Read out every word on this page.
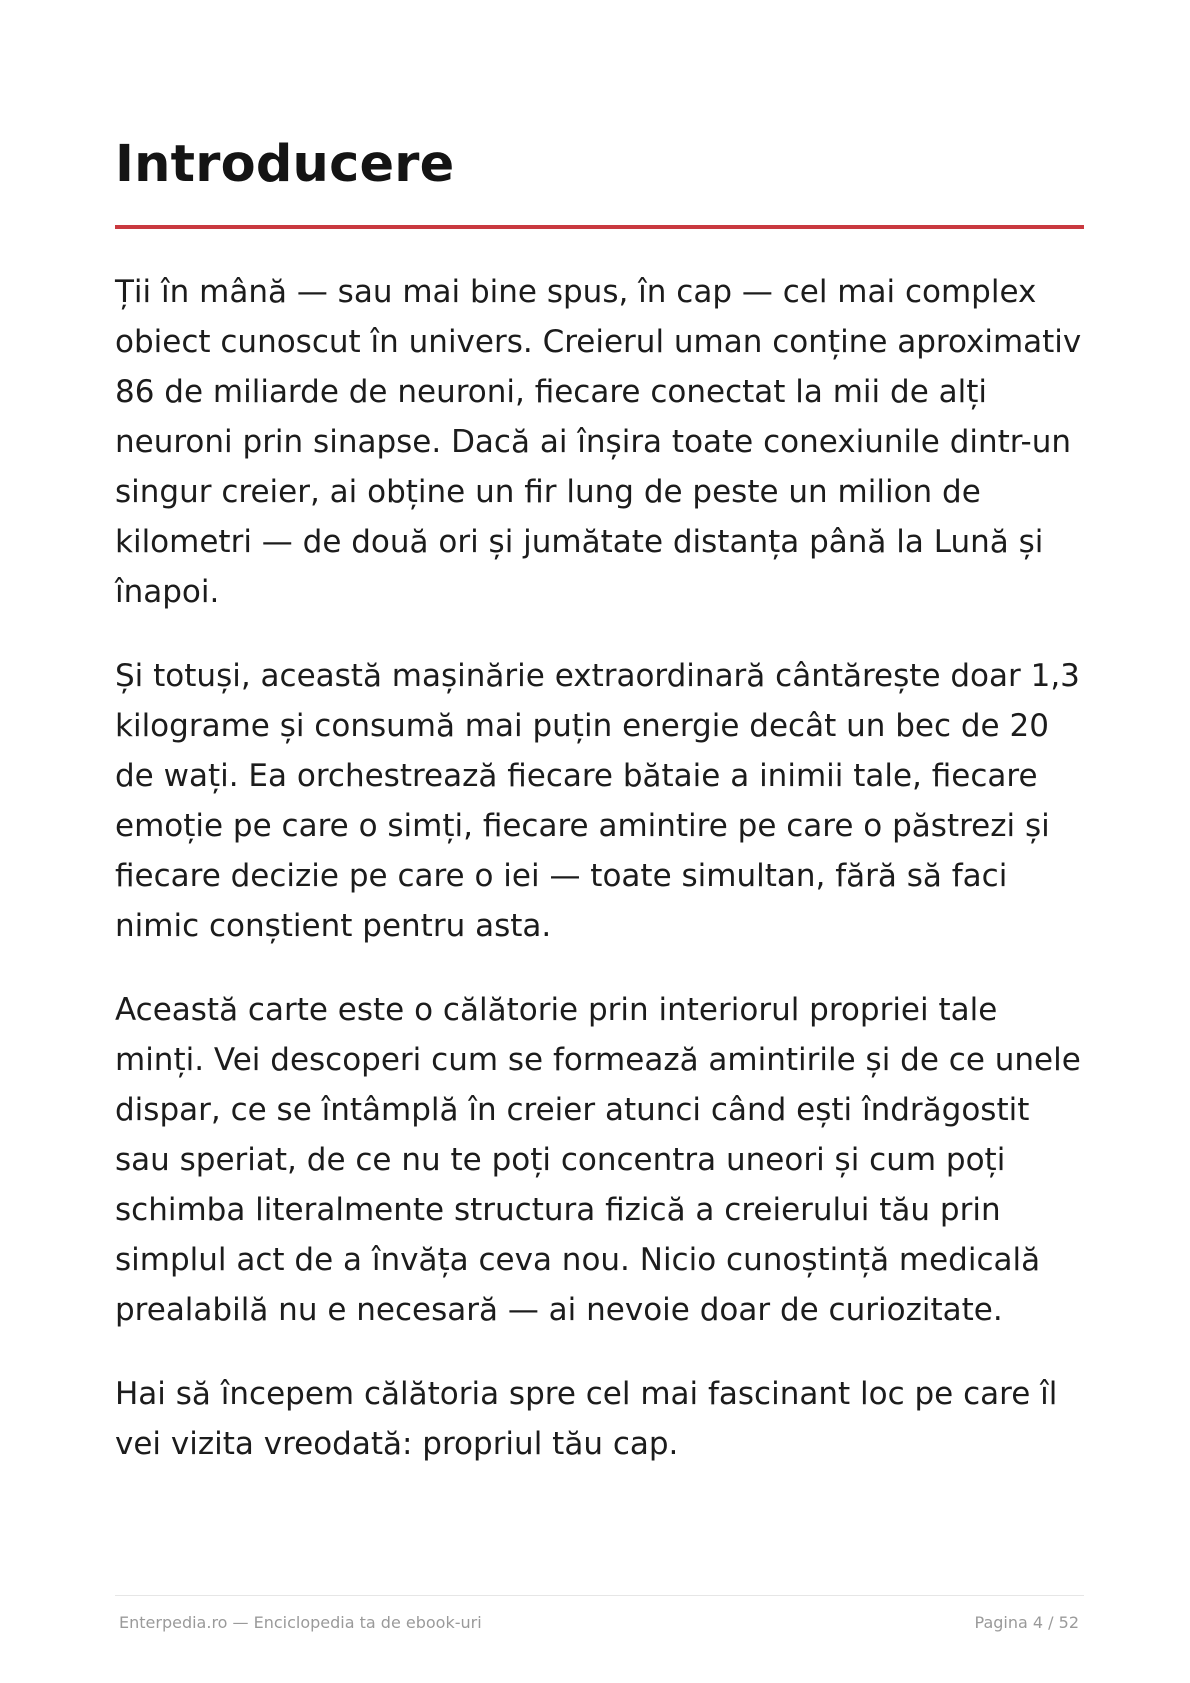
Introducere

Ții în mână — sau mai bine spus, în cap — cel mai complex obiect cunoscut în univers. Creierul uman conține aproximativ 86 de miliarde de neuroni, fiecare conectat la mii de alți neuroni prin sinapse. Dacă ai înșira toate conexiunile dintr-un singur creier, ai obține un fir lung de peste un milion de kilometri — de două ori și jumătate distanța până la Lună și înapoi.

Și totuși, această mașinărie extraordinară cântărește doar 1,3 kilograme și consumă mai puțin energie decât un bec de 20 de wați. Ea orchestrează fiecare bătaie a inimii tale, fiecare emoție pe care o simți, fiecare amintire pe care o păstrezi și fiecare decizie pe care o iei — toate simultan, fără să faci nimic conștient pentru asta.

Această carte este o călătorie prin interiorul propriei tale minți. Vei descoperi cum se formează amintirile și de ce unele dispar, ce se întâmplă în creier atunci când ești îndrăgostit sau speriat, de ce nu te poți concentra uneori și cum poți schimba literalmente structura fizică a creierului tău prin simplul act de a învăța ceva nou. Nicio cunoștință medicală prealabilă nu e necesară — ai nevoie doar de curiozitate.

Hai să începem călătoria spre cel mai fascinant loc pe care îl vei vizita vreodată: propriul tău cap.

Enterpedia.ro — Enciclopedia ta de ebook-uri	Pagina 4 / 52
